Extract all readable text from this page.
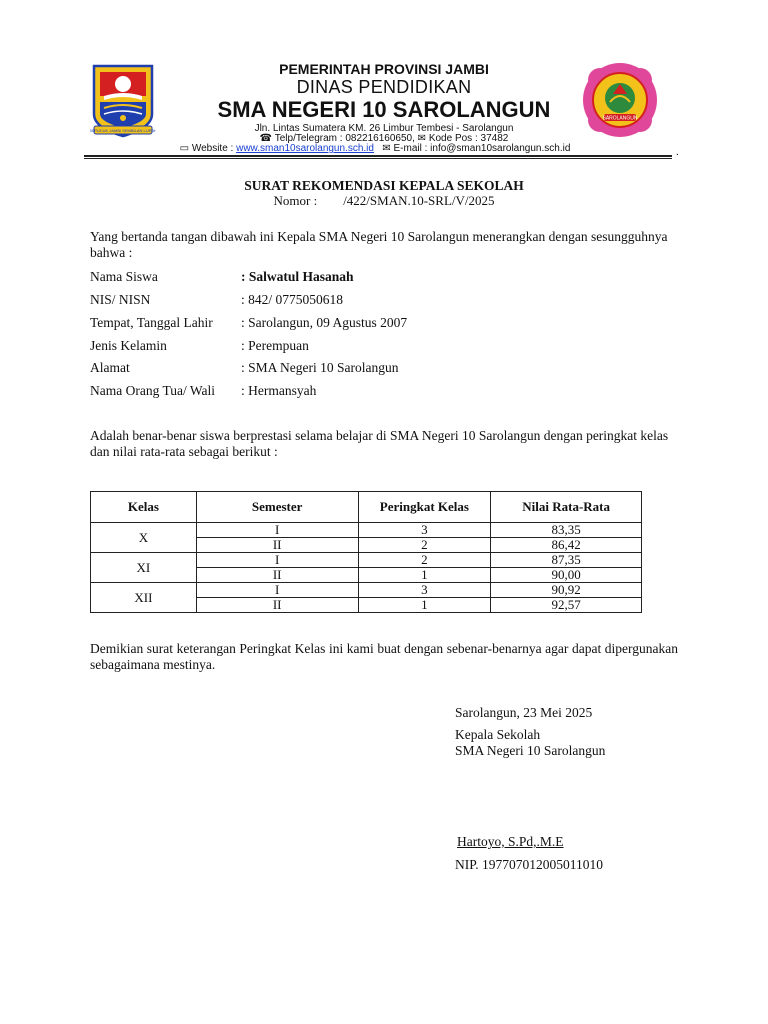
SEPUCUK JAMBI SEMBILAN LURAH
SAROLANGUN
PEMERINTAH PROVINSI JAMBI
DINAS PENDIDIKAN
SMA NEGERI 10 SAROLANGUN
Jln. Lintas Sumatera KM. 26 Limbur Tembesi - Sarolangun
☎ Telp/Telegram : 082216160650, ✉ Kode Pos : 37482
▭ Website : www.sman10sarolangun.sch.id ✉ E-mail : info@sman10sarolangun.sch.id	.
SURAT REKOMENDASI KEPALA SEKOLAH
Nomor : /422/SMAN.10-SRL/V/2025
Yang bertanda tangan dibawah ini Kepala SMA Negeri 10 Sarolangun menerangkan dengan sesungguhnya bahwa :
Nama Siswa	: Salwatul Hasanah
NIS/ NISN	: 842/ 0775050618
Tempat, Tanggal Lahir : Sarolangun, 09 Agustus 2007
Jenis Kelamin	: Perempuan
Alamat	: SMA Negeri 10 Sarolangun
Nama Orang Tua/ Wali : Hermansyah
Adalah benar-benar siswa berprestasi selama belajar di SMA Negeri 10 Sarolangun dengan peringkat kelas dan nilai rata-rata sebagai berikut :
Kelas	Semester	Peringkat Kelas	Nilai Rata-Rata
X	I	3	83,35
	II	2	86,42
XI	I	2	87,35
	II	1	90,00
XII	I	3	90,92
	II	1	92,57
Demikian surat keterangan Peringkat Kelas ini kami buat dengan sebenar-benarnya agar dapat dipergunakan sebagaimana mestinya.
Sarolangun, 23 Mei 2025
Kepala Sekolah
SMA Negeri 10 Sarolangun
Hartoyo, S.Pd,.M.E
NIP. 197707012005011010
